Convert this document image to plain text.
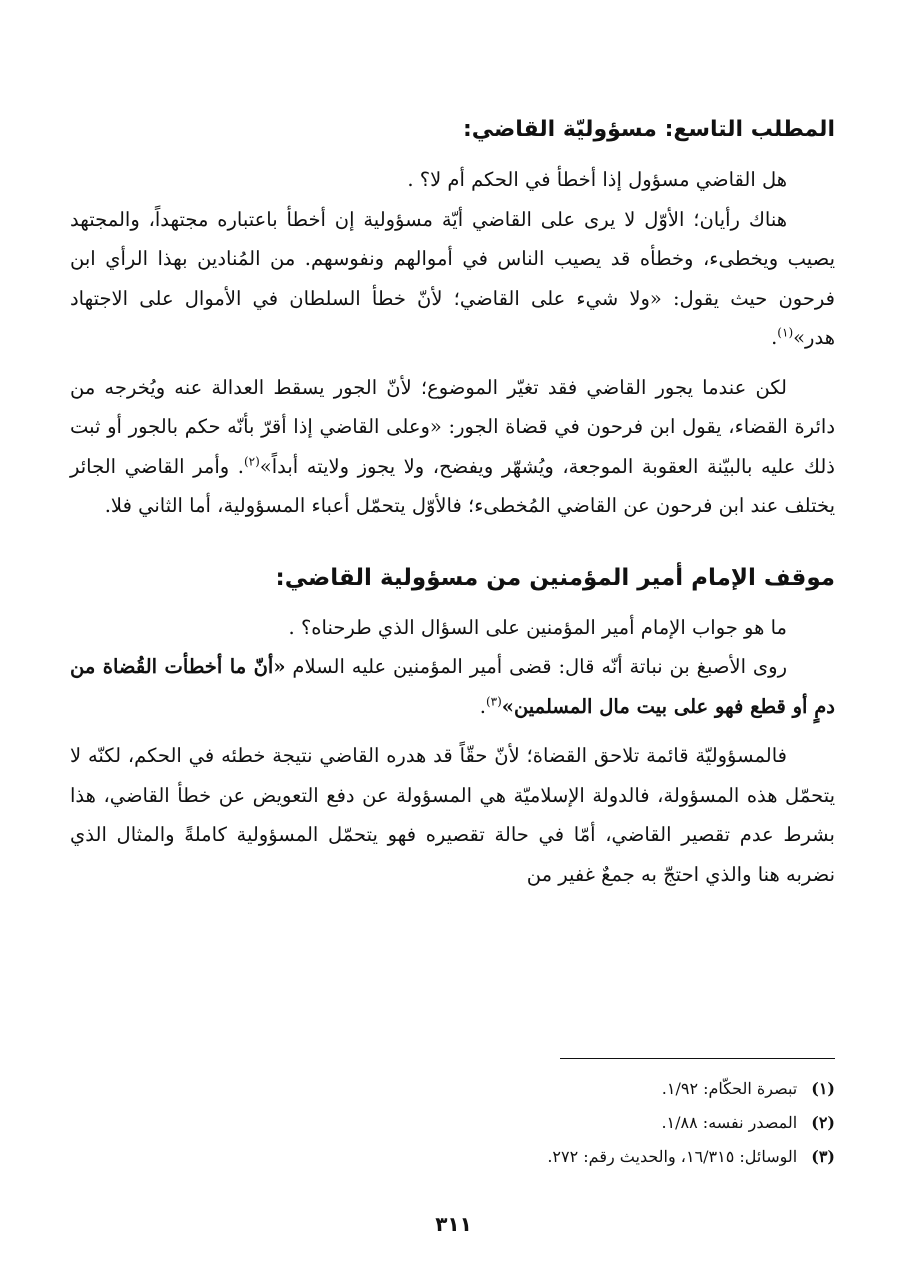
المطلب التاسع: مسؤوليّة القاضي:

هل القاضي مسؤول إذا أخطأ في الحكم أم لا؟ .

هناك رأيان؛ الأوّل لا يرى على القاضي أيّة مسؤولية إن أخطأ باعتباره مجتهداً، والمجتهد يصيب ويخطىء، وخطأه قد يصيب الناس في أموالهم ونفوسهم. من المُنادين بهذا الرأي ابن فرحون حيث يقول: «ولا شيء على القاضي؛ لأنّ خطأ السلطان في الأموال على الاجتهاد هدر»$^{(١)}$.

لكن عندما يجور القاضي فقد تغيّر الموضوع؛ لأنّ الجور يسقط العدالة عنه ويُخرجه من دائرة القضاء، يقول ابن فرحون في قضاة الجور: «وعلى القاضي إذا أقرّ بأنّه حكم بالجور أو ثبت ذلك عليه بالبيّنة العقوبة الموجعة، ويُشهّر ويفضح، ولا يجوز ولايته أبداً»$^{(٢)}$. وأمر القاضي الجائر يختلف عند ابن فرحون عن القاضي المُخطىء؛ فالأوّل يتحمّل أعباء المسؤولية، أما الثاني فلا.

موقف الإمام أمير المؤمنين من مسؤولية القاضي:

ما هو جواب الإمام أمير المؤمنين على السؤال الذي طرحناه؟ .

روى الأصبغ بن نباتة أنّه قال: قضى أمير المؤمنين عليه السلام «أنّ ما أخطأت القُضاة من دمٍ أو قطع فهو على بيت مال المسلمين»$^{(٣)}$.

فالمسؤوليّة قائمة تلاحق القضاة؛ لأنّ حقّاً قد هدره القاضي نتيجة خطئه في الحكم، لكنّه لا يتحمّل هذه المسؤولة، فالدولة الإسلاميّة هي المسؤولة عن دفع التعويض عن خطأ القاضي، هذا بشرط عدم تقصير القاضي، أمّا في حالة تقصيره فهو يتحمّل المسؤولية كاملةً والمثال الذي نضربه هنا والذي احتجّ به جمعٌ غفير من

(١)تبصرة الحكّام: ١/٩٢.
(٢)المصدر نفسه: ١/٨٨.
(٣)الوسائل: ١٦/٣١٥، والحديث رقم: ٢٧٢.
٣١١
